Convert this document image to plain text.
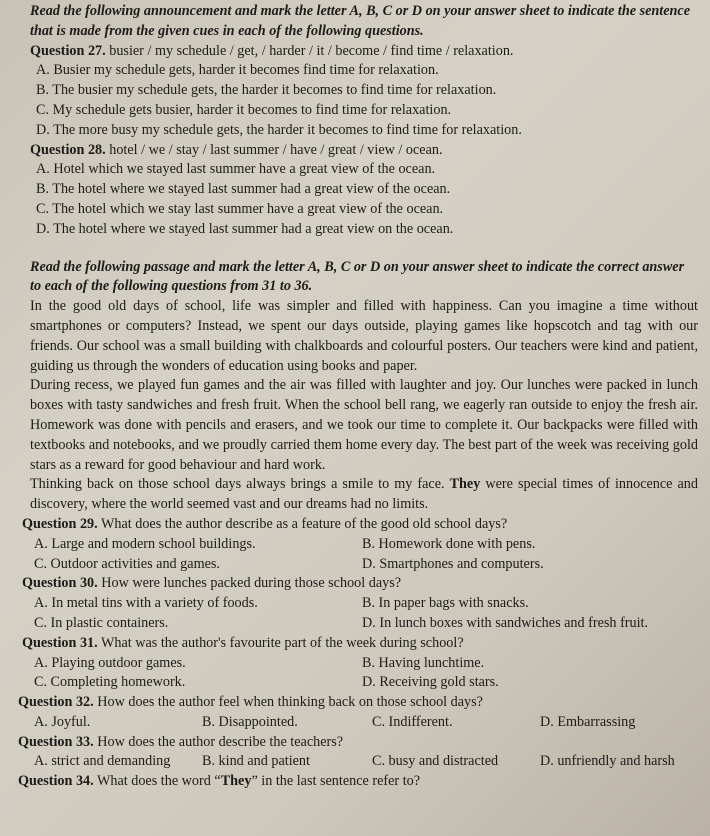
Read the following announcement and mark the letter A, B, C or D on your answer sheet to indicate the sentence that is made from the given cues in each of the following questions.

Question 27. busier / my schedule / get, / harder / it / become / find time / relaxation.

A. Busier my schedule gets, harder it becomes find time for relaxation.

B. The busier my schedule gets, the harder it becomes to find time for relaxation.

C. My schedule gets busier, harder it becomes to find time for relaxation.

D. The more busy my schedule gets, the harder it becomes to find time for relaxation.

Question 28. hotel / we / stay / last summer / have / great / view / ocean.

A. Hotel which we stayed last summer have a great view of the ocean.

B. The hotel where we stayed last summer had a great view of the ocean.

C. The hotel which we stay last summer have a great view of the ocean.

D. The hotel where we stayed last summer had a great view on the ocean.

Read the following passage and mark the letter A, B, C or D on your answer sheet to indicate the correct answer to each of the following questions from 31 to 36.

In the good old days of school, life was simpler and filled with happiness. Can you imagine a time without smartphones or computers? Instead, we spent our days outside, playing games like hopscotch and tag with our friends. Our school was a small building with chalkboards and colourful posters. Our teachers were kind and patient, guiding us through the wonders of education using books and paper.

During recess, we played fun games and the air was filled with laughter and joy. Our lunches were packed in lunch boxes with tasty sandwiches and fresh fruit. When the school bell rang, we eagerly ran outside to enjoy the fresh air. Homework was done with pencils and erasers, and we took our time to complete it. Our backpacks were filled with textbooks and notebooks, and we proudly carried them home every day. The best part of the week was receiving gold stars as a reward for good behaviour and hard work.

Thinking back on those school days always brings a smile to my face. They were special times of innocence and discovery, where the world seemed vast and our dreams had no limits.

Question 29. What does the author describe as a feature of the good old school days?

A. Large and modern school buildings.	B. Homework done with pens.
C. Outdoor activities and games.	D. Smartphones and computers.

Question 30. How were lunches packed during those school days?

A. In metal tins with a variety of foods.	B. In paper bags with snacks.
C. In plastic containers.	D. In lunch boxes with sandwiches and fresh fruit.

Question 31. What was the author's favourite part of the week during school?

A. Playing outdoor games.	B. Having lunchtime.
C. Completing homework.	D. Receiving gold stars.

Question 32. How does the author feel when thinking back on those school days?

A. Joyful.	B. Disappointed.	C. Indifferent.	D. Embarrassing

Question 33. How does the author describe the teachers?

A. strict and demanding	B. kind and patient	C. busy and distracted	D. unfriendly and harsh

Question 34. What does the word “They” in the last sentence refer to?
